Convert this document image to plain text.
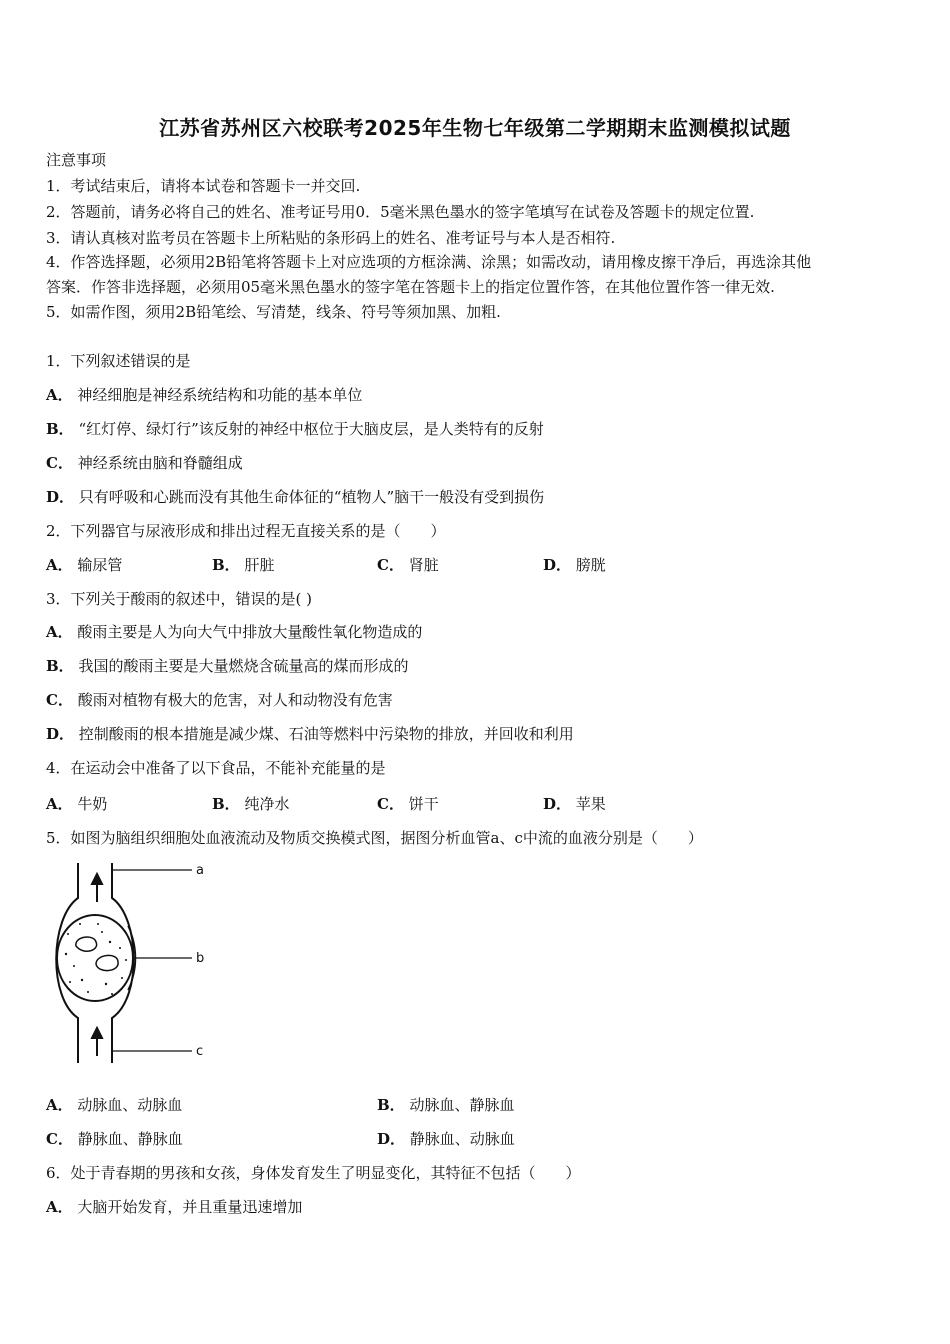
江苏省苏州区六校联考2025年生物七年级第二学期期末监测模拟试题
注意事项
1．考试结束后，请将本试卷和答题卡一并交回.
2．答题前，请务必将自己的姓名、准考证号用0．5毫米黑色墨水的签字笔填写在试卷及答题卡的规定位置.
3．请认真核对监考员在答题卡上所粘贴的条形码上的姓名、准考证号与本人是否相符.
4．作答选择题，必须用2B铅笔将答题卡上对应选项的方框涂满、涂黑；如需改动，请用橡皮擦干净后，再选涂其他
答案．作答非选择题，必须用05毫米黑色墨水的签字笔在答题卡上的指定位置作答，在其他位置作答一律无效.
5．如需作图，须用2B铅笔绘、写清楚，线条、符号等须加黑、加粗.
1．下列叙述错误的是
A． 神经细胞是神经系统结构和功能的基本单位
B． “红灯停、绿灯行”该反射的神经中枢位于大脑皮层，是人类特有的反射
C． 神经系统由脑和脊髓组成
D． 只有呼吸和心跳而没有其他生命体征的“植物人”脑干一般没有受到损伤
2．下列器官与尿液形成和排出过程无直接关系的是（　　）
A． 输尿管	B． 肝脏	C． 肾脏	D． 膀胱
3．下列关于酸雨的叙述中，错误的是( )
A． 酸雨主要是人为向大气中排放大量酸性氧化物造成的
B． 我国的酸雨主要是大量燃烧含硫量高的煤而形成的
C． 酸雨对植物有极大的危害，对人和动物没有危害
D． 控制酸雨的根本措施是减少煤、石油等燃料中污染物的排放，并回收和利用
4．在运动会中准备了以下食品，不能补充能量的是
A． 牛奶	B． 纯净水	C． 饼干	D． 苹果
5．如图为脑组织细胞处血液流动及物质交换模式图，据图分析血管a、c中流的血液分别是（　　）
a
b
c
A． 动脉血、动脉血	B． 动脉血、静脉血
C． 静脉血、静脉血	D． 静脉血、动脉血
6．处于青春期的男孩和女孩，身体发育发生了明显变化，其特征不包括（　　）
A． 大脑开始发育，并且重量迅速增加
